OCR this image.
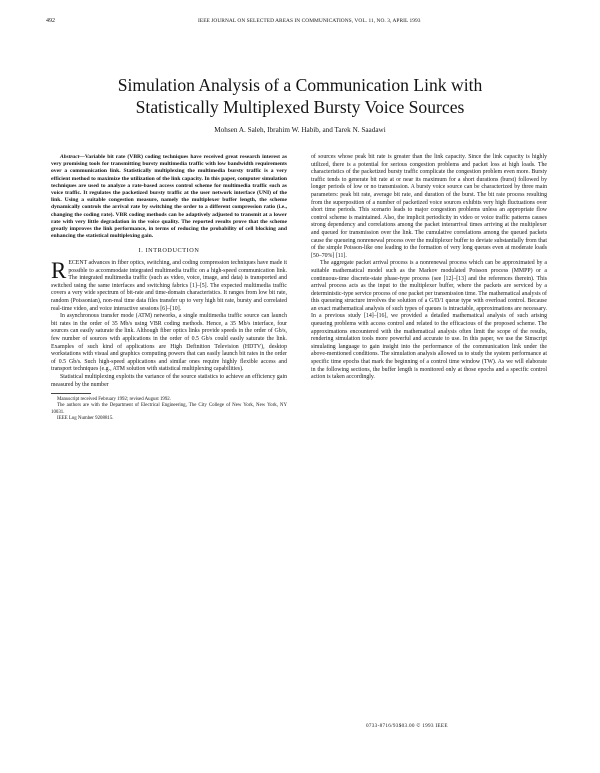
492	IEEE JOURNAL ON SELECTED AREAS IN COMMUNICATIONS, VOL. 11, NO. 3, APRIL 1993
Simulation Analysis of a Communication Link with
Statistically Multiplexed Bursty Voice Sources
Mohsen A. Saleh, Ibrahim W. Habib, and Tarek N. Saadawi

Abstract—Variable bit rate (VBR) coding techniques have received great research interest as very promising tools for transmitting bursty multimedia traffic with low bandwidth requirements over a communication link. Statistically multiplexing the multimedia bursty traffic is a very efficient method to maximize the utilization of the link capacity. In this paper, computer simulation techniques are used to analyze a rate-based access control scheme for multimedia traffic such as voice traffic. It regulates the packetized bursty traffic at the user network interface (UNI) of the link. Using a suitable congestion measure, namely the multiplexer buffer length, the scheme dynamically controls the arrival rate by switching the order to a different compression ratio (i.e., changing the coding rate). VBR coding methods can be adaptively adjusted to transmit at a lower rate with very little degradation in the voice quality. The reported results prove that the scheme greatly improves the link performance, in terms of reducing the probability of cell blocking and enhancing the statistical multiplexing gain.

I. INTRODUCTION

RECENT advances in fiber optics, switching, and coding compression techniques have made it possible to accommodate integrated multimedia traffic on a high-speed communication link. The integrated multimedia traffic (such as video, voice, image, and data) is transported and switched using the same interfaces and switching fabrics [1]–[5]. The expected multimedia traffic covers a very wide spectrum of bit-rate and time-domain characteristics. It ranges from low bit rate, random (Poissonian), non-real time data files transfer up to very high bit rate, bursty and correlated real-time video, and voice interactive sessions [6]–[10].

In asynchronous transfer mode (ATM) networks, a single multimedia traffic source can launch bit rates in the order of 35 Mb/s using VBR coding methods. Hence, a 35 Mb/s interface, four sources can easily saturate the link. Although fiber optics links provide speeds in the order of Gb/s, few number of sources with applications in the order of 0.5 Gb/s could easily saturate the link. Examples of such kind of applications are High Definition Television (HDTV), desktop workstations with visual and graphics computing powers that can easily launch bit rates in the order of 0.5 Gb/s. Such high-speed applications and similar ones require highly flexible access and transport techniques (e.g., ATM solution with statistical multiplexing capabilities).

Statistical multiplexing exploits the variance of the source statistics to achieve an efficiency gain measured by the number

Manuscript received February 1992; revised August 1992.

The authors are with the Department of Electrical Engineering, The City College of New York, New York, NY 10031.

IEEE Log Number 9208815.

of sources whose peak bit rate is greater than the link capacity. Since the link capacity is highly utilized, there is a potential for serious congestion problems and packet loss at high loads. The characteristics of the packetized bursty traffic complicate the congestion problem even more. Bursty traffic tends to generate bit rate at or near its maximum for a short durations (burst) followed by longer periods of low or no transmission. A bursty voice source can be characterized by three main parameters: peak bit rate, average bit rate, and duration of the burst. The bit rate process resulting from the superposition of a number of packetized voice sources exhibits very high fluctuations over short time periods. This scenario leads to major congestion problems unless an appropriate flow control scheme is maintained. Also, the implicit periodicity in video or voice traffic patterns causes strong dependency and correlations among the packet interarrival times arriving at the multiplexer and queued for transmission over the link. The cumulative correlations among the queued packets cause the queueing nonrenewal process over the multiplexer buffer to deviate substantially from that of the simple Poisson-like one leading to the formation of very long queues even at moderate loads [50–70%] [11].

The aggregate packet arrival process is a nonrenewal process which can be approximated by a suitable mathematical model such as the Markov modulated Poisson process (MMPP) or a continuous-time discrete-state phase-type process (see [12]–[13] and the references therein). This arrival process acts as the input to the multiplexer buffer, where the packets are serviced by a deterministic-type service process of one packet per transmission time. The mathematical analysis of this queueing structure involves the solution of a G/D/1 queue type with overload control. Because an exact mathematical analysis of such types of queues is intractable, approximations are necessary. In a previous study [14]–[16], we provided a detailed mathematical analysis of such arising queueing problems with access control and related to the efficacious of the proposed scheme. The approximations encountered with the mathematical analysis often limit the scope of the results, rendering simulation tools more powerful and accurate to use. In this paper, we use the Simscript simulating language to gain insight into the performance of the communication link under the above-mentioned conditions. The simulation analysis allowed us to study the system performance at specific time epochs that mark the beginning of a control time window (TW). As we will elaborate in the following sections, the buffer length is monitored only at those epochs and a specific control action is taken accordingly.

0733-8716/93$03.00 © 1993 IEEE
